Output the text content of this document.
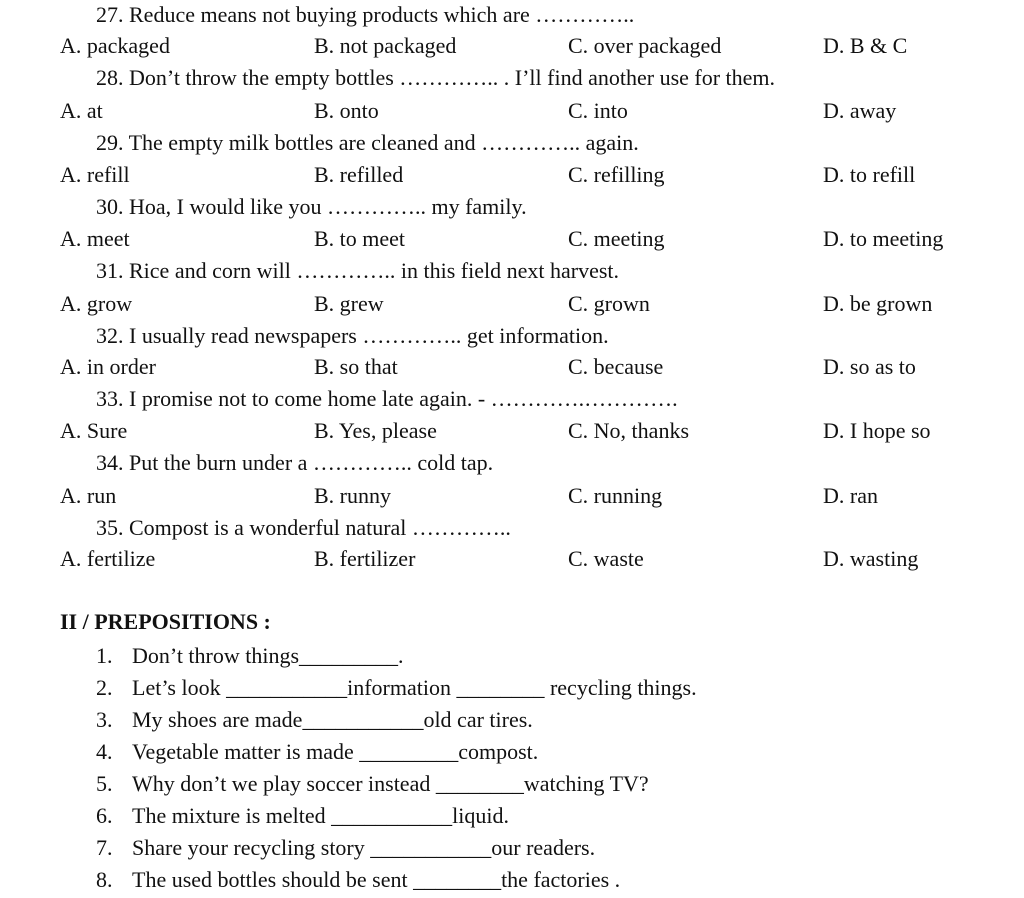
27. Reduce means not buying products which are …………..
A. packaged	B. not packaged	C. over packaged	D. B & C
28. Don’t throw the empty bottles ………….. . I’ll find another use for them.
A. at	B. onto	C. into	D. away
29. The empty milk bottles are cleaned and ………….. again.
A. refill	B. refilled	C. refilling	D. to refill
30. Hoa, I would like you ………….. my family.
A. meet	B. to meet	C. meeting	D. to meeting
31. Rice and corn will ………….. in this field next harvest.
A. grow	B. grew	C. grown	D. be grown
32. I usually read newspapers ………….. get information.
A. in order	B. so that	C. because	D. so as to
33. I promise not to come home late again. - ………….………….
A. Sure	B. Yes, please	C. No, thanks	D. I hope so
34. Put the burn under a ………….. cold tap.
A. run	B. runny	C. running	D. ran
35. Compost is a wonderful natural …………..
A. fertilize	B. fertilizer	C. waste	D. wasting
II / PREPOSITIONS :
1. Don’t throw things_________.
2. Let’s look ___________information ________ recycling things.
3. My shoes are made___________old car tires.
4. Vegetable matter is made _________compost.
5. Why don’t we play soccer instead ________watching TV?
6. The mixture is melted ___________liquid.
7. Share your recycling story ___________our readers.
8. The used bottles should be sent ________the factories .
